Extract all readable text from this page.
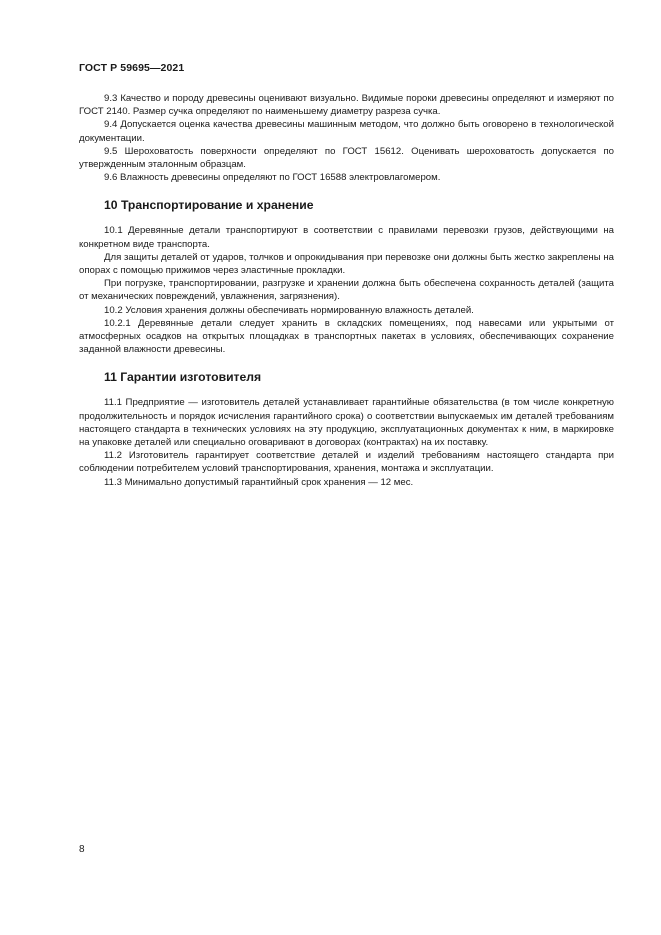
ГОСТ Р 59695—2021

9.3 Качество и породу древесины оценивают визуально. Видимые пороки древесины определяют и измеряют по ГОСТ 2140. Размер сучка определяют по наименьшему диаметру разреза сучка.

9.4 Допускается оценка качества древесины машинным методом, что должно быть оговорено в технологической документации.

9.5 Шероховатость поверхности определяют по ГОСТ 15612. Оценивать шероховатость допускается по утвержденным эталонным образцам.

9.6 Влажность древесины определяют по ГОСТ 16588 электровлагомером.

10 Транспортирование и хранение

10.1 Деревянные детали транспортируют в соответствии с правилами перевозки грузов, действующими на конкретном виде транспорта.

Для защиты деталей от ударов, толчков и опрокидывания при перевозке они должны быть жестко закреплены на опорах с помощью прижимов через эластичные прокладки.

При погрузке, транспортировании, разгрузке и хранении должна быть обеспечена сохранность деталей (защита от механических повреждений, увлажнения, загрязнения).

10.2 Условия хранения должны обеспечивать нормированную влажность деталей.

10.2.1 Деревянные детали следует хранить в складских помещениях, под навесами или укрытыми от атмосферных осадков на открытых площадках в транспортных пакетах в условиях, обеспечивающих сохранение заданной влажности древесины.

11 Гарантии изготовителя

11.1 Предприятие — изготовитель деталей устанавливает гарантийные обязательства (в том числе конкретную продолжительность и порядок исчисления гарантийного срока) о соответствии выпускаемых им деталей требованиям настоящего стандарта в технических условиях на эту продукцию, эксплуатационных документах к ним, в маркировке на упаковке деталей или специально оговаривают в договорах (контрактах) на их поставку.

11.2 Изготовитель гарантирует соответствие деталей и изделий требованиям настоящего стандарта при соблюдении потребителем условий транспортирования, хранения, монтажа и эксплуатации.

11.3 Минимально допустимый гарантийный срок хранения — 12 мес.

8
